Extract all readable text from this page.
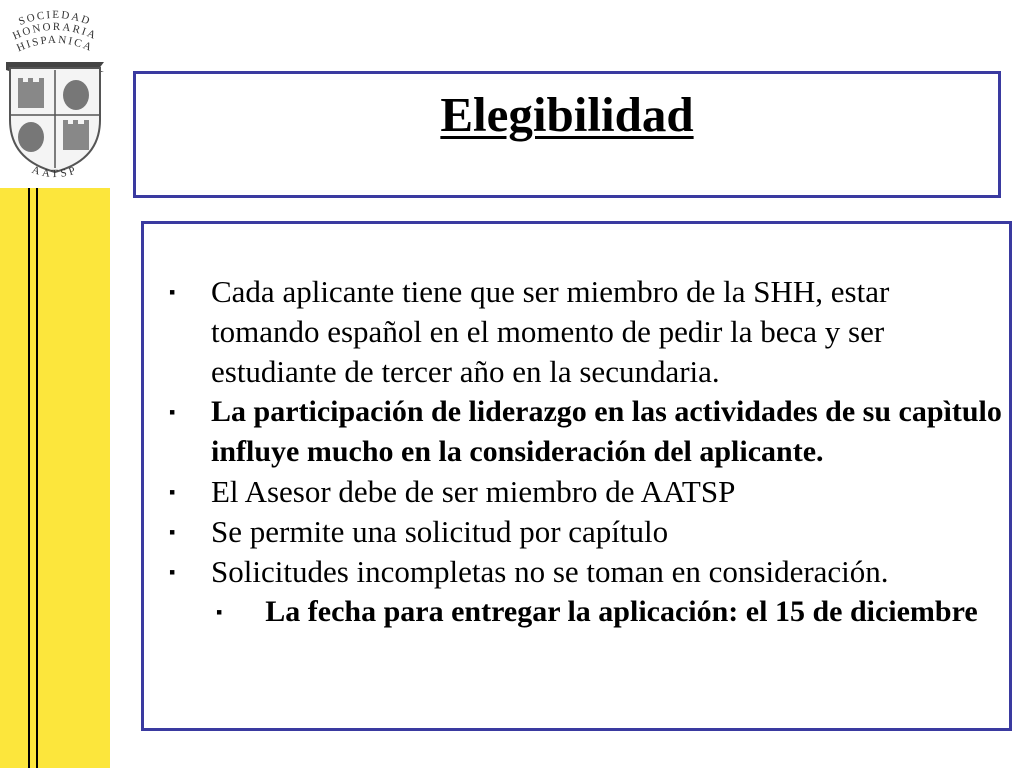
SOCIEDAD
HONORARIA
HISPANICA
AATSP
Elegibilidad
▪ Cada aplicante tiene que ser miembro de la SHH, estar tomando español en el momento de pedir la beca y ser estudiante de tercer año en la secundaria.
▪ La participación de liderazgo en las actividades de su capìtulo influye mucho en la consideración del aplicante.
▪ El Asesor debe de ser miembro de AATSP
▪ Se permite una solicitud por capítulo
▪ Solicitudes incompletas no se toman en consideración.
▪ La fecha para entregar la aplicación: el 15 de diciembre
